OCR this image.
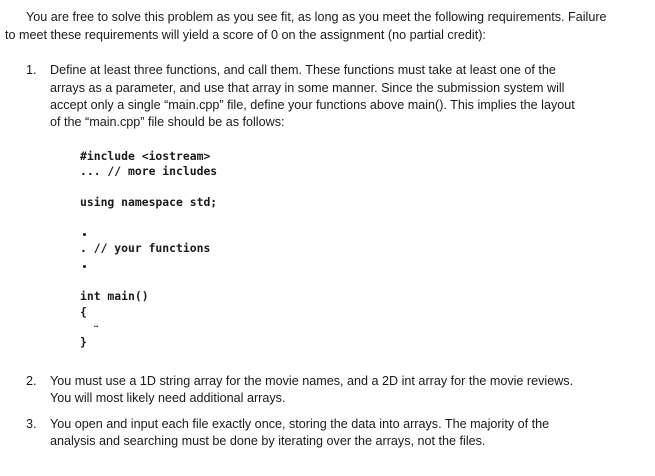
You are free to solve this problem as you see fit, as long as you meet the following requirements. Failure
to meet these requirements will yield a score of 0 on the assignment (no partial credit):
1. Define at least three functions, and call them. These functions must take at least one of the
arrays as a parameter, and use that array in some manner. Since the submission system will
accept only a single “main.cpp” file, define your functions above main(). This implies the layout
of the “main.cpp” file should be as follows:
#include <iostream>
... // more includes
using namespace std;
. // your functions
int main()
{
…
}
2. You must use a 1D string array for the movie names, and a 2D int array for the movie reviews.
You will most likely need additional arrays.
3. You open and input each file exactly once, storing the data into arrays. The majority of the
analysis and searching must be done by iterating over the arrays, not the files.
